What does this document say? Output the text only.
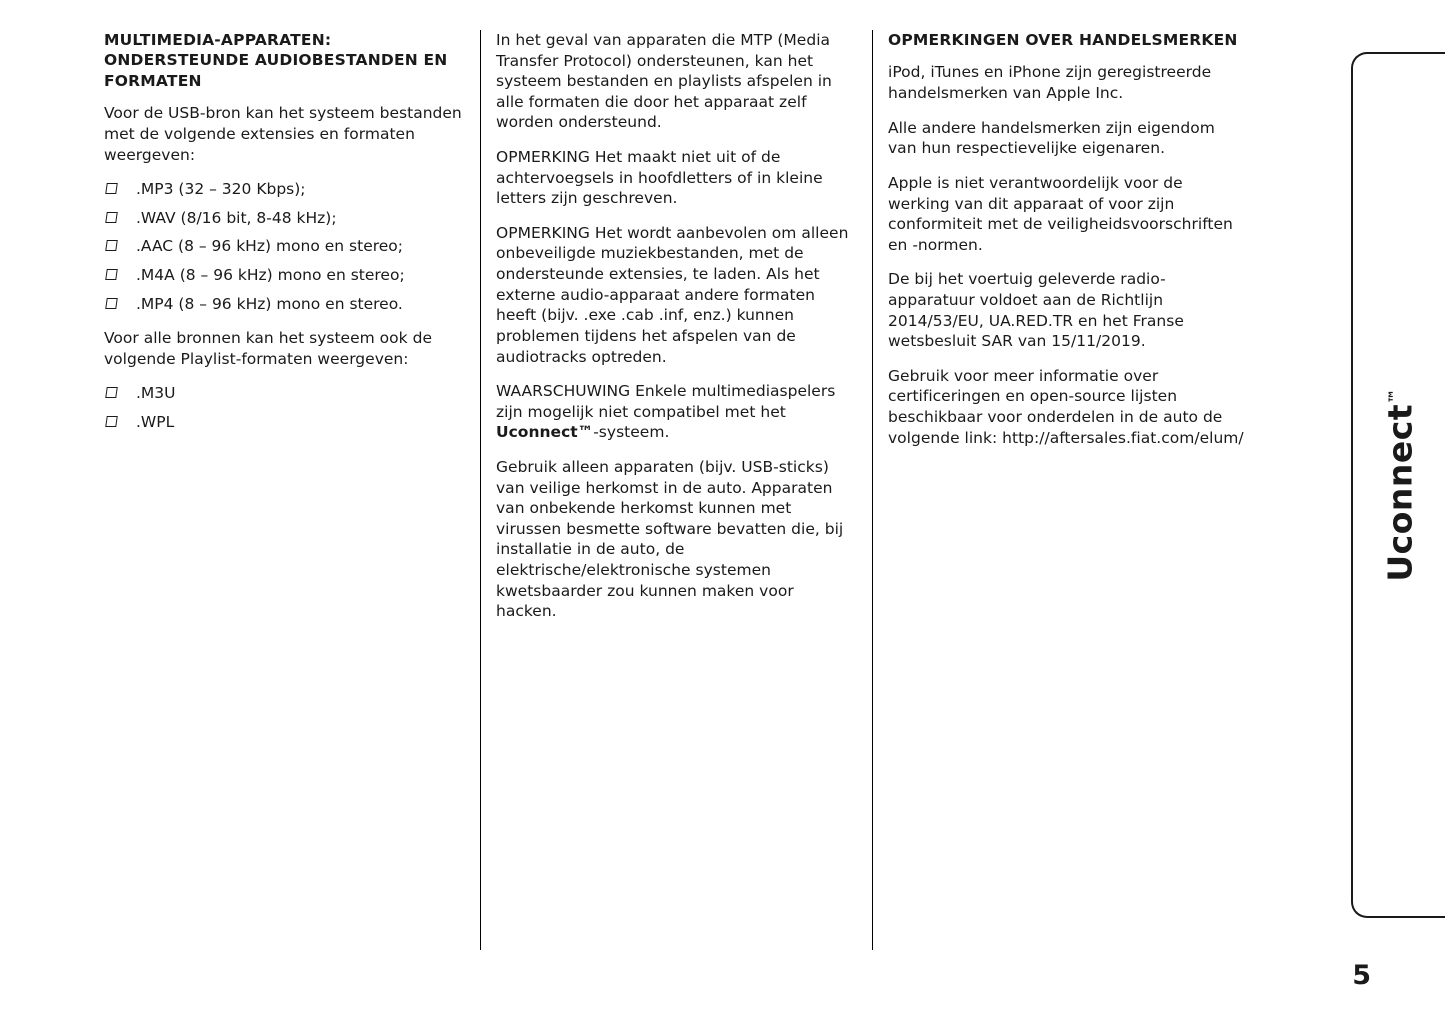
MULTIMEDIA-APPARATEN: ONDERSTEUNDE AUDIOBESTANDEN EN FORMATEN

Voor de USB-bron kan het systeem bestanden met de volgende extensies en formaten weergeven:

.MP3 (32 – 320 Kbps);
.WAV (8/16 bit, 8-48 kHz);
.AAC (8 – 96 kHz) mono en stereo;
.M4A (8 – 96 kHz) mono en stereo;
.MP4 (8 – 96 kHz) mono en stereo.

Voor alle bronnen kan het systeem ook de volgende Playlist-formaten weergeven:

.M3U
.WPL

In het geval van apparaten die MTP (Media Transfer Protocol) ondersteunen, kan het systeem bestanden en playlists afspelen in alle formaten die door het apparaat zelf worden ondersteund.

OPMERKING Het maakt niet uit of de achtervoegsels in hoofdletters of in kleine letters zijn geschreven.

OPMERKING Het wordt aanbevolen om alleen onbeveiligde muziekbestanden, met de ondersteunde extensies, te laden. Als het externe audio-apparaat andere formaten heeft (bijv. .exe .cab .inf, enz.) kunnen problemen tijdens het afspelen van de audiotracks optreden.

WAARSCHUWING Enkele multimediaspelers zijn mogelijk niet compatibel met het Uconnect™-systeem.

Gebruik alleen apparaten (bijv. USB-sticks) van veilige herkomst in de auto. Apparaten van onbekende herkomst kunnen met virussen besmette software bevatten die, bij installatie in de auto, de elektrische/elektronische systemen kwetsbaarder zou kunnen maken voor hacken.

OPMERKINGEN OVER HANDELSMERKEN

iPod, iTunes en iPhone zijn geregistreerde handelsmerken van Apple Inc.

Alle andere handelsmerken zijn eigendom van hun respectievelijke eigenaren.

Apple is niet verantwoordelijk voor de werking van dit apparaat of voor zijn conformiteit met de veiligheidsvoorschriften en -normen.

De bij het voertuig geleverde radio-apparatuur voldoet aan de Richtlijn 2014/53/EU, UA.RED.TR en het Franse wetsbesluit SAR van 15/11/2019.

Gebruik voor meer informatie over certificeringen en open-source lijsten beschikbaar voor onderdelen in de auto de volgende link: http://aftersales.fiat.com/elum/	Uconnect™
5
